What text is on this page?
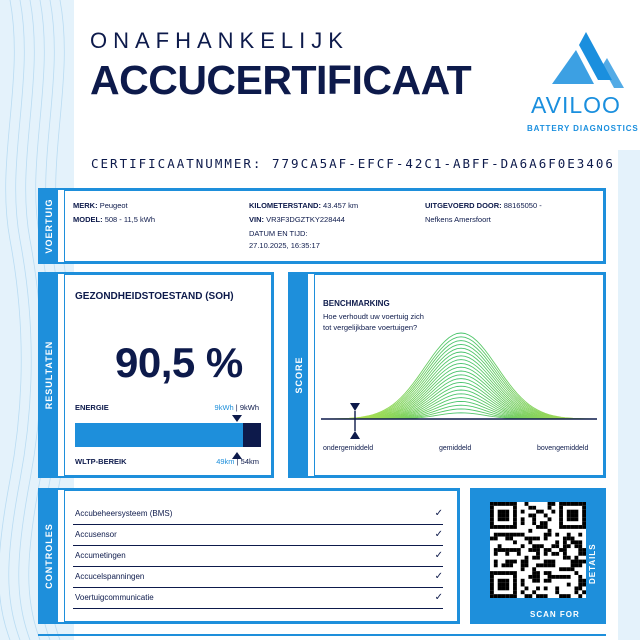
ONAFHANKELIJK
ACCUCERTIFICAAT
AVILOO
BATTERY DIAGNOSTICS
CERTIFICAATNUMMER: 779CA5AF-EFCF-42C1-ABFF-DA6A6F0E3406
VOERTUIG	MERK: Peugeot
MODEL: 508 - 11,5 kWh
KILOMETERSTAND: 43.457 km
VIN: VR3F3DGZTKY228444
DATUM EN TIJD:
27.10.2025, 16:35:17
UITGEVOERD DOOR: 88165050 -
Nefkens Amersfoort
RESULTATEN
GEZONDHEIDSTOESTAND (SOH)
90,5 %
ENERGIE	9kWh | 9kWh
WLTP-BEREIK	49km | 54km
SCORE
BENCHMARKING
Hoe verhoudt uw voertuig zich tot vergelijkbare voertuigen?
ondergemiddeld	gemiddeld	bovengemiddeld
CONTROLES
Accubeheersysteem (BMS)	✓
Accusensor	✓
Accumetingen	✓
Accucelspanningen	✓
Voertuigcommunicatie	✓
SCAN FOR
DETAILS
